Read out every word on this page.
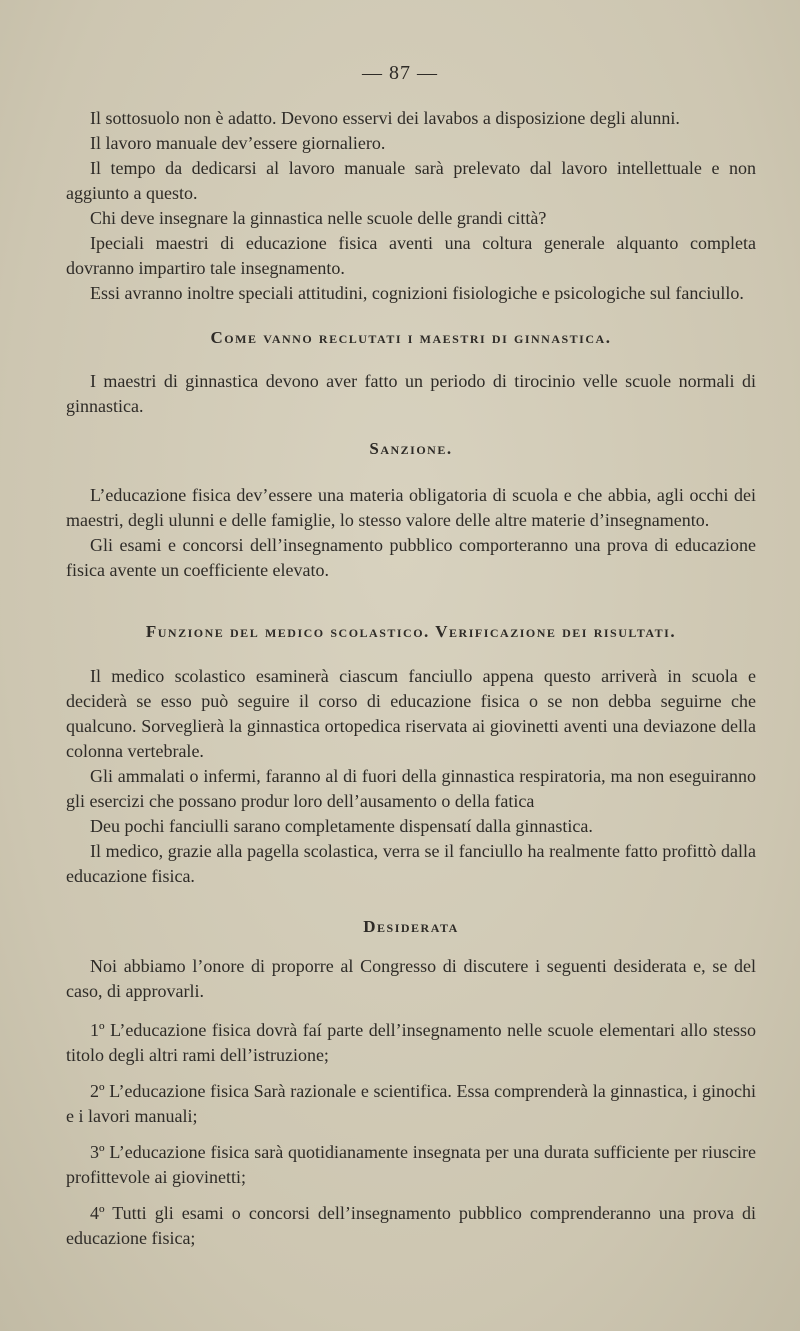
— 87 —

Il sottosuolo non è adatto. Devono esservi dei lavabos a disposizione degli alunni.

Il lavoro manuale dev’essere giornaliero.

Il tempo da dedicarsi al lavoro manuale sarà prelevato dal lavoro intellettuale e non aggiunto a questo.

Chi deve insegnare la ginnastica nelle scuole delle grandi città?

Ipeciali maestri di educazione fisica aventi una coltura generale alquanto completa dovranno impartiro tale insegnamento.

Essi avranno inoltre speciali attitudini, cognizioni fisiologiche e psicologiche sul fanciullo.

Come vanno reclutati i maestri di ginnastica.

I maestri di ginnastica devono aver fatto un periodo di tirocinio velle scuole normali di ginnastica.

Sanzione.

L’educazione fisica dev’essere una materia obligatoria di scuola e che abbia, agli occhi dei maestri, degli ulunni e delle famiglie, lo stesso valore delle altre materie d’insegnamento.

Gli esami e concorsi dell’insegnamento pubblico comporteranno una prova di educazione fisica avente un coefficiente elevato.

Funzione del medico scolastico. Verificazione dei risultati.

Il medico scolastico esaminerà ciascum fanciullo appena questo arriverà in scuola e deciderà se esso può seguire il corso di educazione fisica o se non debba seguirne che qualcuno. Sorveglierà la ginnastica ortopedica riservata ai giovinetti aventi una deviazone della colonna vertebrale.

Gli ammalati o infermi, faranno al di fuori della ginnastica respiratoria, ma non eseguiranno gli esercizi che possano produr loro dell’ausamento o della fatica

Deu pochi fanciulli sarano completamente dispensatí dalla ginnastica.

Il medico, grazie alla pagella scolastica, verra se il fanciullo ha realmente fatto profittò dalla educazione fisica.

Desiderata

Noi abbiamo l’onore di proporre al Congresso di discutere i seguenti desiderata e, se del caso, di approvarli.

1º L’educazione fisica dovrà faí parte dell’insegnamento nelle scuole elementari allo stesso titolo degli altri rami dell’istruzione;

2º L’educazione fisica Sarà razionale e scientifica. Essa comprenderà la ginnastica, i ginochi e i lavori manuali;

3º L’educazione fisica sarà quotidianamente insegnata per una durata sufficiente per riuscire profittevole ai giovinetti;

4º Tutti gli esami o concorsi dell’insegnamento pubblico comprenderanno una prova di educazione fisica;
